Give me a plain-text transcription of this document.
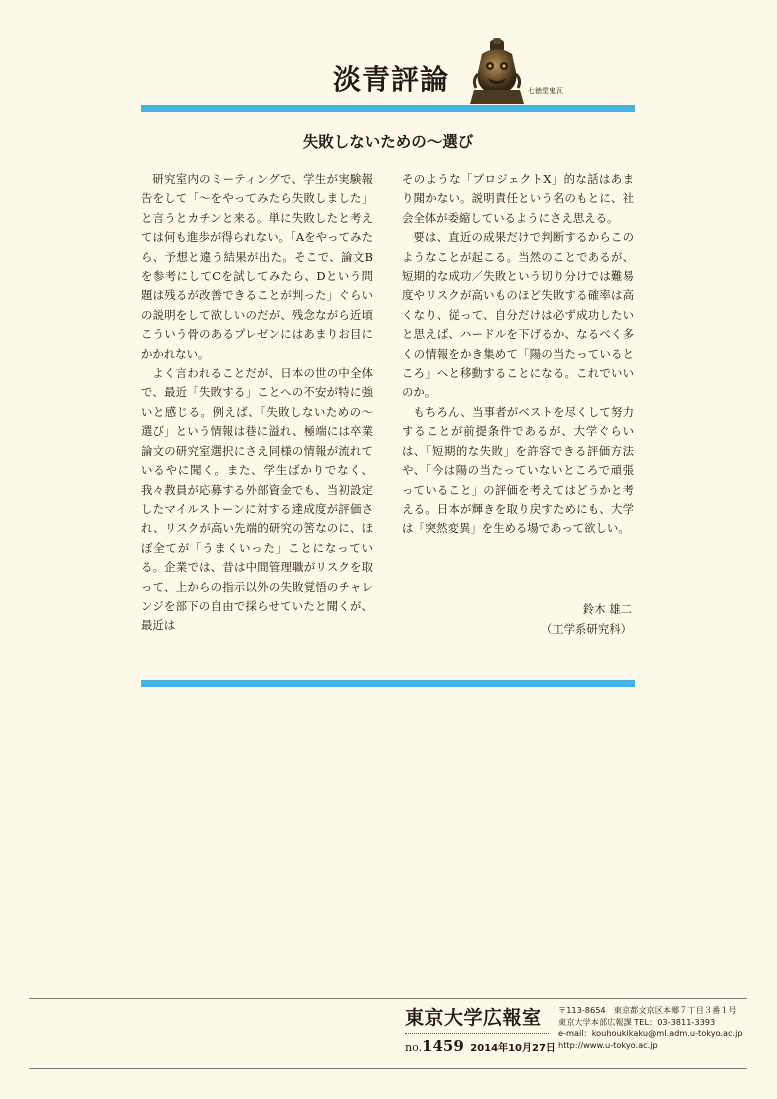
淡青評論	七徳堂鬼瓦
失敗しないための〜選び

研究室内のミーティングで、学生が実験報告をして「〜をやってみたら失敗しました」と言うとカチンと来る。単に失敗したと考えては何も進歩が得られない。「Aをやってみたら、予想と違う結果が出た。そこで、論文Bを参考にしてCを試してみたら、Dという問題は残るが改善できることが判った」ぐらいの説明をして欲しいのだが、残念ながら近頃こういう骨のあるプレゼンにはあまりお目にかかれない。

よく言われることだが、日本の世の中全体で、最近「失敗する」ことへの不安が特に強いと感じる。例えば、「失敗しないための〜選び」という情報は巷に溢れ、極端には卒業論文の研究室選択にさえ同様の情報が流れているやに聞く。また、学生ばかりでなく、我々教員が応募する外部資金でも、当初設定したマイルストーンに対する達成度が評価され、リスクが高い先端的研究の筈なのに、ほぼ全てが「うまくいった」ことになっている。企業では、昔は中間管理職がリスクを取って、上からの指示以外の失敗覚悟のチャレンジを部下の自由で採らせていたと聞くが、最近は

そのような「プロジェクトX」的な話はあまり聞かない。説明責任という名のもとに、社会全体が委縮しているようにさえ思える。

要は、直近の成果だけで判断するからこのようなことが起こる。当然のことであるが、短期的な成功／失敗という切り分けでは難易度やリスクが高いものほど失敗する確率は高くなり、従って、自分だけは必ず成功したいと思えば、ハードルを下げるか、なるべく多くの情報をかき集めて「陽の当たっているところ」へと移動することになる。これでいいのか。

もちろん、当事者がベストを尽くして努力することが前提条件であるが、大学ぐらいは、「短期的な失敗」を許容できる評価方法や、「今は陽の当たっていないところで頑張っていること」の評価を考えてはどうかと考える。日本が輝きを取り戻すためにも、大学は「突然変異」を生める場であって欲しい。

鈴木 雄二
（工学系研究科）
東京大学広報室
no.1459 2014年10月27日
〒113-8654　東京都文京区本郷７丁目３番１号
東京大学本部広報課 TEL：03-3811-3393
e-mail：kouhoukikaku@ml.adm.u-tokyo.ac.jp
http://www.u-tokyo.ac.jp
